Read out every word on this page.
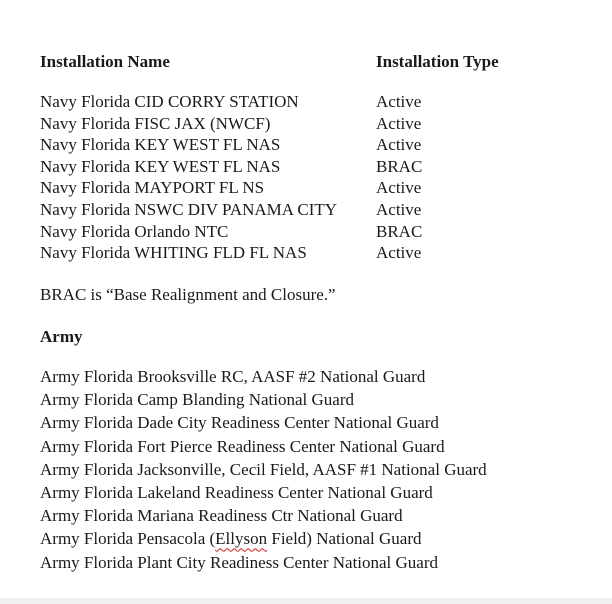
Installation Name	Installation Type
Navy Florida CID CORRY STATION	Active
Navy Florida FISC JAX (NWCF)	Active
Navy Florida KEY WEST FL NAS	Active
Navy Florida KEY WEST FL NAS	BRAC
Navy Florida MAYPORT FL NS	Active
Navy Florida NSWC DIV PANAMA CITY Active
Navy Florida Orlando NTC	BRAC
Navy Florida WHITING FLD FL NAS	Active
BRAC is “Base Realignment and Closure.”
Army
Army Florida Brooksville RC, AASF #2 National Guard
Army Florida Camp Blanding National Guard
Army Florida Dade City Readiness Center National Guard
Army Florida Fort Pierce Readiness Center National Guard
Army Florida Jacksonville, Cecil Field, AASF #1 National Guard
Army Florida Lakeland Readiness Center National Guard
Army Florida Mariana Readiness Ctr National Guard
Army Florida Pensacola (Ellyson Field) National Guard
Army Florida Plant City Readiness Center National Guard
